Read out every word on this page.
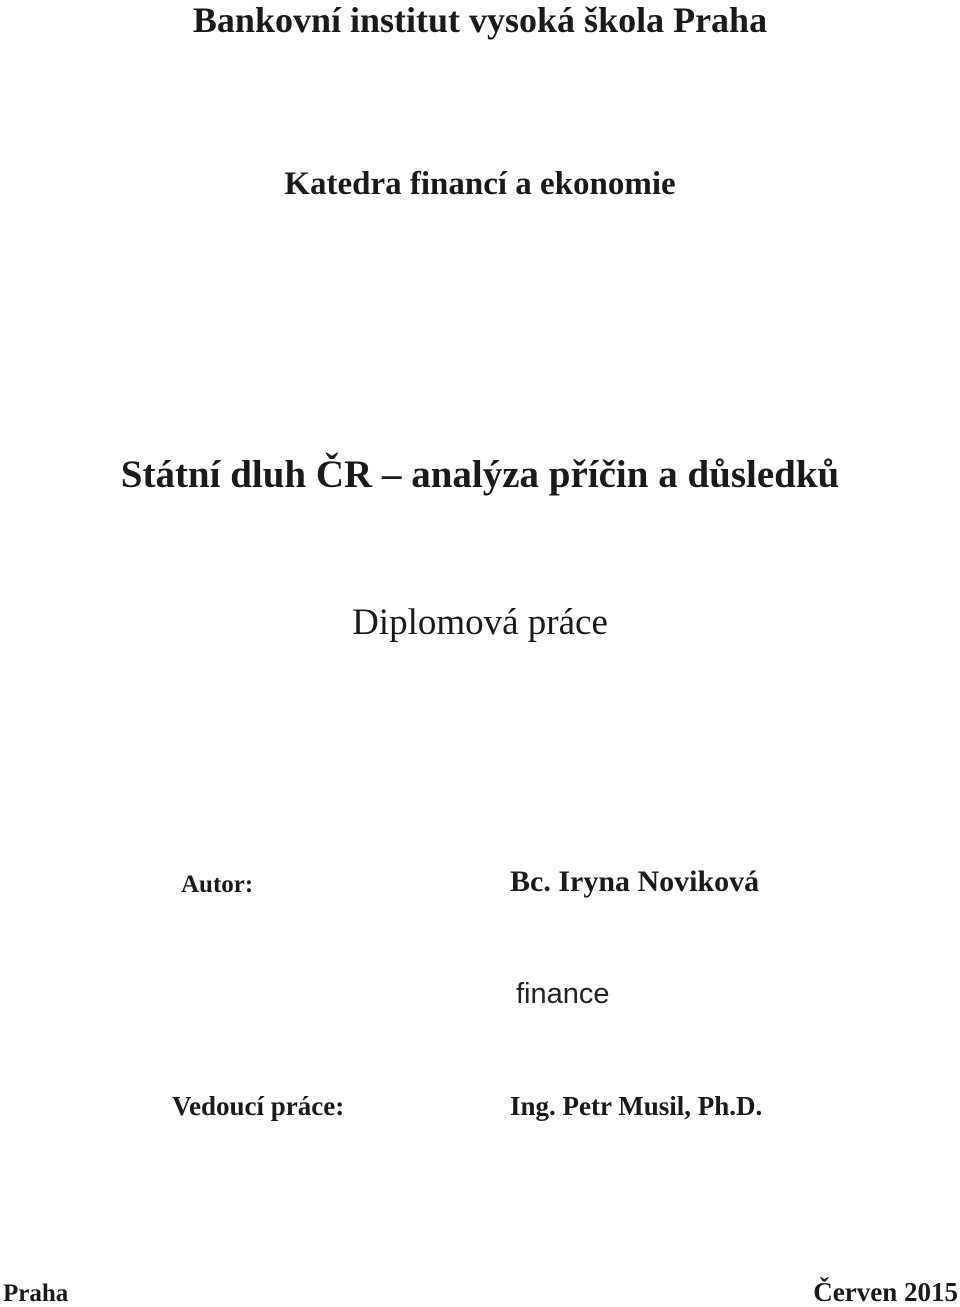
Bankovní institut vysoká škola Praha
Katedra financí a ekonomie
Státní dluh ČR – analýza příčin a důsledků
Diplomová práce
Autor:	Bc. Iryna Noviková
finance
Vedoucí práce:	Ing. Petr Musil, Ph.D.
Praha	Červen 2015
